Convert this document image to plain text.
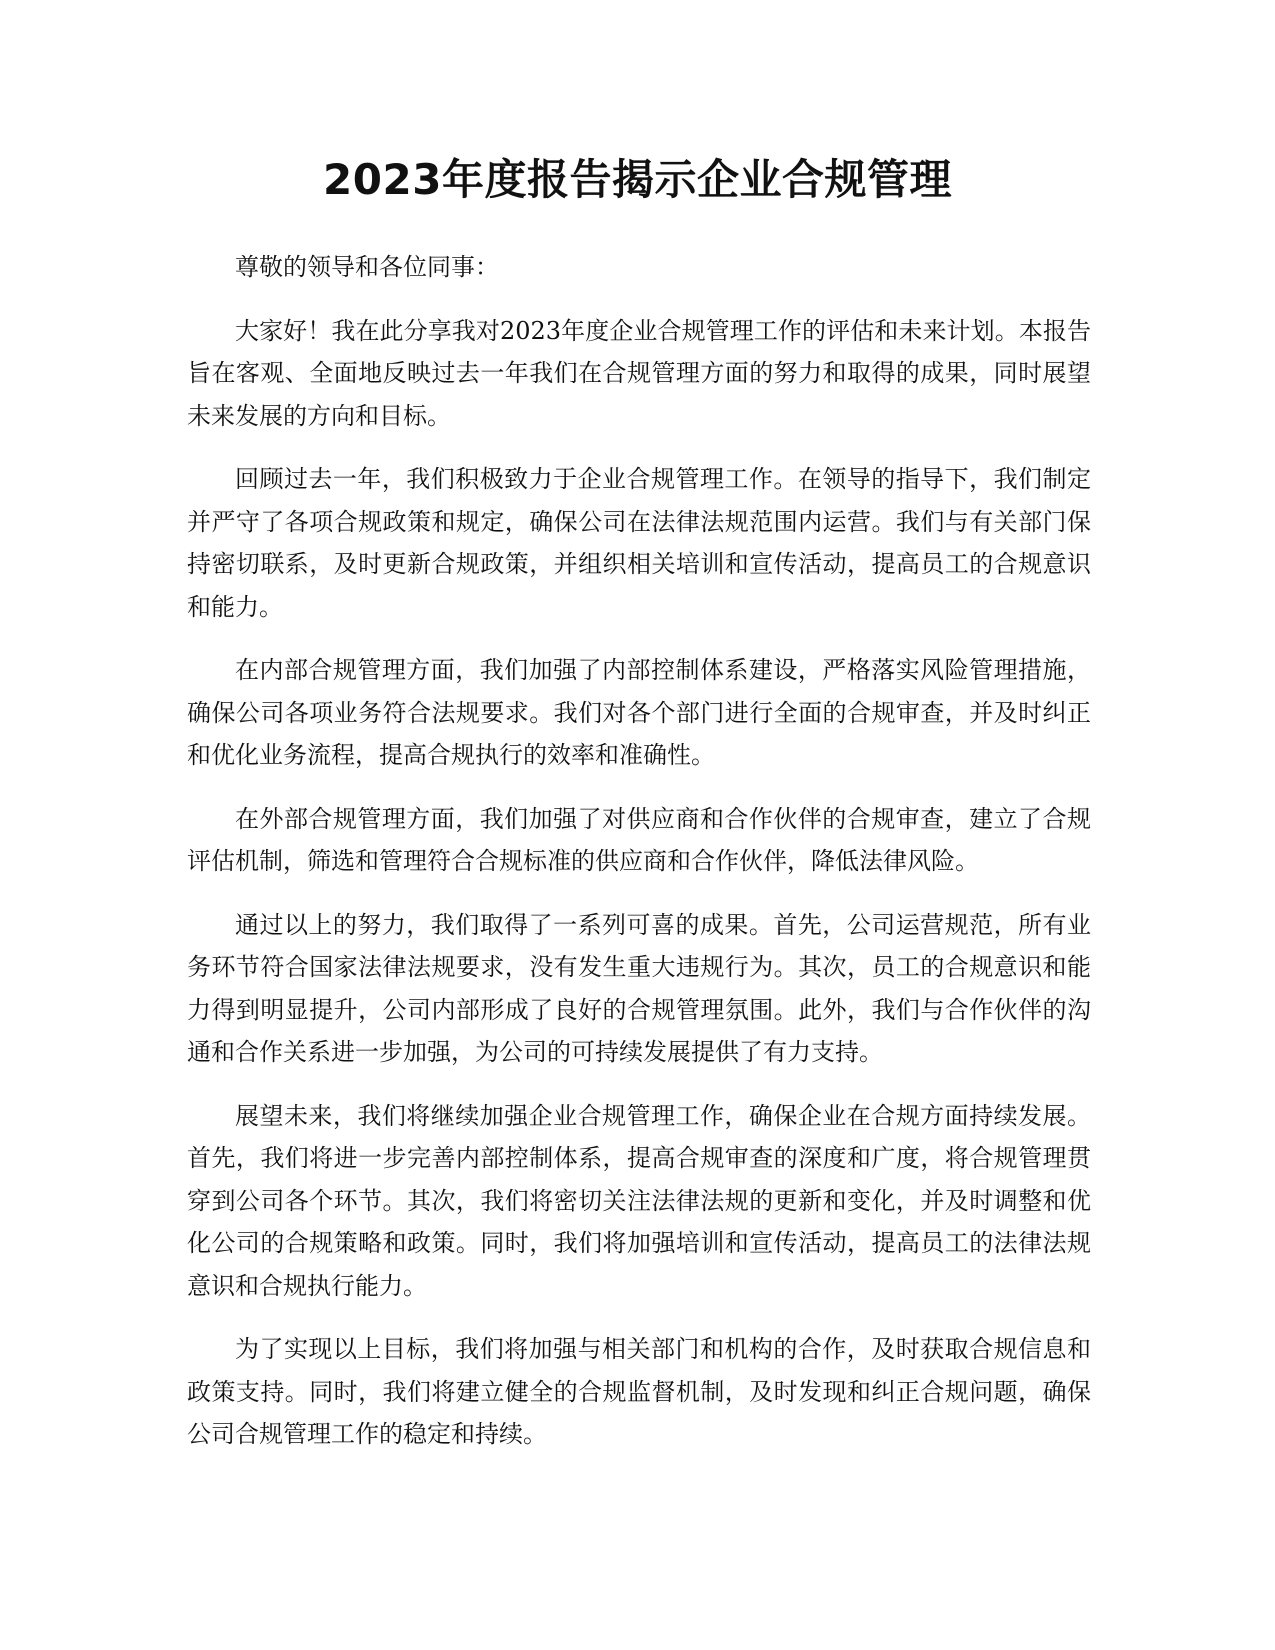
2023年度报告揭示企业合规管理

尊敬的领导和各位同事：

大家好！我在此分享我对2023年度企业合规管理工作的评估和未来计划。本报告旨在客观、全面地反映过去一年我们在合规管理方面的努力和取得的成果，同时展望未来发展的方向和目标。

回顾过去一年，我们积极致力于企业合规管理工作。在领导的指导下，我们制定并严守了各项合规政策和规定，确保公司在法律法规范围内运营。我们与有关部门保持密切联系，及时更新合规政策，并组织相关培训和宣传活动，提高员工的合规意识和能力。

在内部合规管理方面，我们加强了内部控制体系建设，严格落实风险管理措施，确保公司各项业务符合法规要求。我们对各个部门进行全面的合规审查，并及时纠正和优化业务流程，提高合规执行的效率和准确性。

在外部合规管理方面，我们加强了对供应商和合作伙伴的合规审查，建立了合规评估机制，筛选和管理符合合规标准的供应商和合作伙伴，降低法律风险。

通过以上的努力，我们取得了一系列可喜的成果。首先，公司运营规范，所有业务环节符合国家法律法规要求，没有发生重大违规行为。其次，员工的合规意识和能力得到明显提升，公司内部形成了良好的合规管理氛围。此外，我们与合作伙伴的沟通和合作关系进一步加强，为公司的可持续发展提供了有力支持。

展望未来，我们将继续加强企业合规管理工作，确保企业在合规方面持续发展。首先，我们将进一步完善内部控制体系，提高合规审查的深度和广度，将合规管理贯穿到公司各个环节。其次，我们将密切关注法律法规的更新和变化，并及时调整和优化公司的合规策略和政策。同时，我们将加强培训和宣传活动，提高员工的法律法规意识和合规执行能力。

为了实现以上目标，我们将加强与相关部门和机构的合作，及时获取合规信息和政策支持。同时，我们将建立健全的合规监督机制，及时发现和纠正合规问题，确保公司合规管理工作的稳定和持续。
